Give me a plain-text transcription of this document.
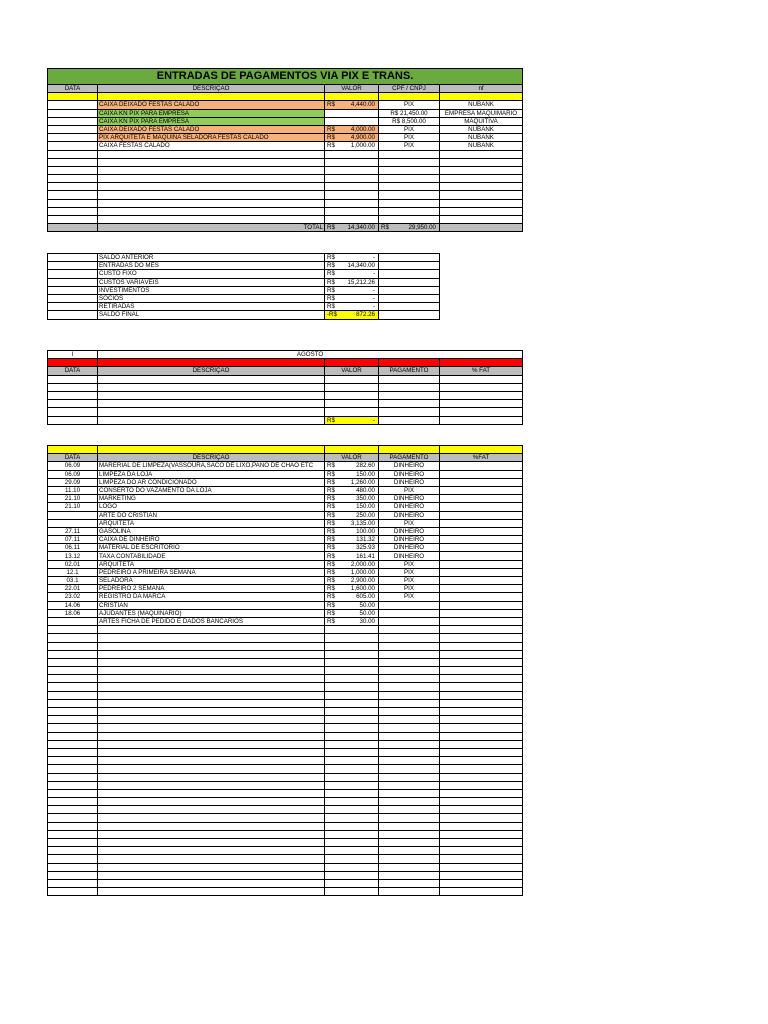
ENTRADAS DE PAGAMENTOS VIA PIX E TRANS.				
DATA	DESCRIÇÃO	VALOR	CPF / CNPJ	nf

	CAIXA DEIXADO FESTAS CALADO	R$ 4,440.00	PIX	NUBANK
	CAIXA KN PIX PARA EMPRESA		R$ 21,450.00	EMPRESA MAQUIMARIO
	CAIXA KN PIX PARA EMPRESA		R$ 8,500.00	MAQUITIVA
	CAIXA DEIXADO FESTAS CALADO	R$ 4,000.00	PIX	NUBANK
	PIX ARQUITETA E MAQUINA SELADORA FESTAS CALADO	R$ 4,900.00	PIX	NUBANK
	CAIXA FESTAS CALADO	R$ 1,000.00	PIX	NUBANK

	TOTAL	R$ 14,340.00	R$ 29,950.00	

	SALDO ANTERIOR	R$ -	

	ENTRADAS DO MÊS	R$ 14,340.00	

	CUSTO FIXO	R$ -	

	CUSTOS VARIÁVEIS	R$ 15,212.26	

	INVESTIMENTOS	R$ -	

	SOCIOS	R$ -	

	RETIRADAS	R$ -	

	SALDO FINAL	-R$ 872.26	

I	AGOSTO			

DATA	DESCRIÇÃO	VALOR	PAGAMENTO	% FAT

		R$ -		

DATA	DESCRIÇÃO	VALOR	PAGAMENTO	%FAT
06.09	MARERIAL DE LIMPEZA(VASSOURA,SACO DE LIXO,PANO DE CHAO ETC	R$ 282.60	DINHEIRO	
06.09	LIMPEZA DA LOJA	R$ 150.00	DINHEIRO	
29.09	LIMPEZA DO AR CONDICIONADO	R$ 1,260.00	DINHEIRO	
11.10	CONSERTO DO VAZAMENTO DA LOJA	R$ 480.00	PIX	
21.10	MARKETING	R$ 350.00	DINHEIRO	
21.10	LOGO	R$ 150.00	DINHEIRO	
	ARTE DO CRISTIAN	R$ 250.00	DINHEIRO	
	ARQUITETA	R$ 3,135.00	PIX	
27.11	GASOLINA	R$ 100.00	DINHEIRO	
07.11	CAIXA DE DINHEIRO	R$ 131.32	DINHEIRO	
06.11	MATERIAL DE ESCRITORIO	R$ 325.93	DINHEIRO	
13.12	TAXA CONTABILIDADE	R$ 161.41	DINHEIRO	
02.01	ARQUITETA	R$ 2,000.00	PIX	
12.1	PEDREIRO A PRIMEIRA SEMANA	R$ 1,000.00	PIX	
03.1	SELADORA	R$ 2,900.00	PIX	
22.01	PEDREIRO 2 SEMANA	R$ 1,600.00	PIX	
23.02	REGISTRO DA MARCA	R$ 605.00	PIX	
14.06	CRISTIAN	R$ 50.00		

18.06	AJUDANTES (MAQUINARIO)	R$ 50.00		

	ARTES FICHA DE PEDIDO E DADOS BANCARIOS	R$ 30.00		
